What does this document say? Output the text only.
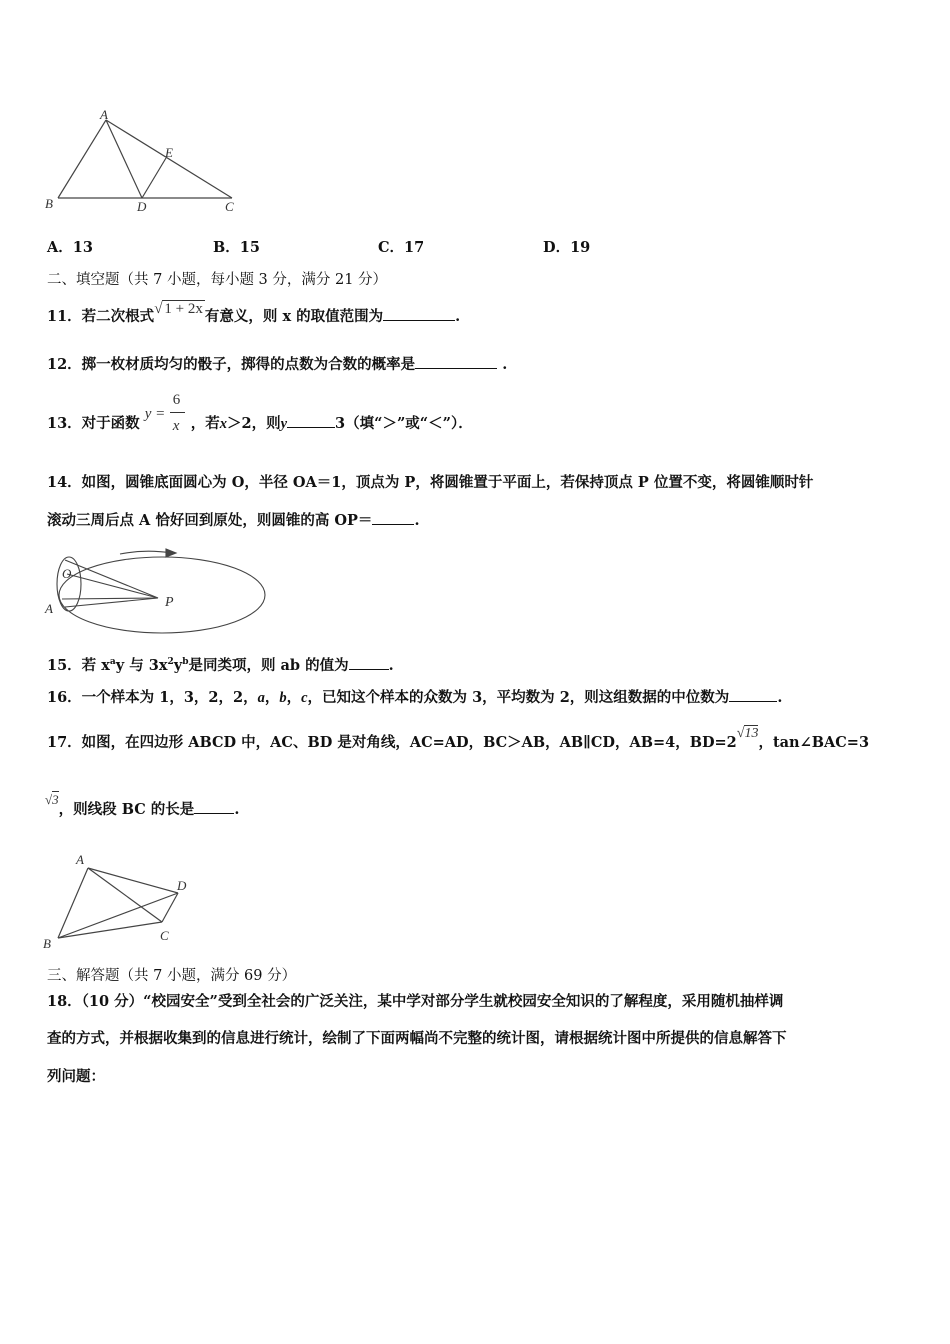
A
E
B	D	C
A．13	B．15	C．17	D．19
二、填空题（共 7 小题，每小题 3 分，满分 21 分）
11．若二次根式√ 1 + 2x 有意义，则 x 的取值范围为	.
12．掷一枚材质均匀的骰子，掷得的点数为合数的概率是	.
13．对于函数
y =
6
x ，若x＞2，则y	3（填“＞”或“＜”）．
14．如图，圆锥底面圆心为 O，半径 OA＝1，顶点为 P，将圆锥置于平面上，若保持顶点 P 位置不变，将圆锥顺时针
滚动三周后点 A 恰好回到原处，则圆锥的高 OP＝	.
O
A	P
15．若 $x^ay$ 与 $3x^2y^b$是同类项，则 ab 的值为	.
16．一个样本为 1，3，2，2，a，b，c，已知这个样本的众数为 3，平均数为 2，则这组数据的中位数为	.
17．如图，在四边形 ABCD 中，AC、BD 是对角线，AC=AD，BC＞AB，AB∥CD，AB=4，BD=2√13，tan∠BAC=3
√3，则线段 BC 的长是	.
A
D
B
C
三、解答题（共 7 小题，满分 69 分）
18．（10 分）“校园安全”受到全社会的广泛关注，某中学对部分学生就校园安全知识的了解程度，采用随机抽样调
查的方式，并根据收集到的信息进行统计，绘制了下面两幅尚不完整的统计图，请根据统计图中所提供的信息解答下
列问题：
